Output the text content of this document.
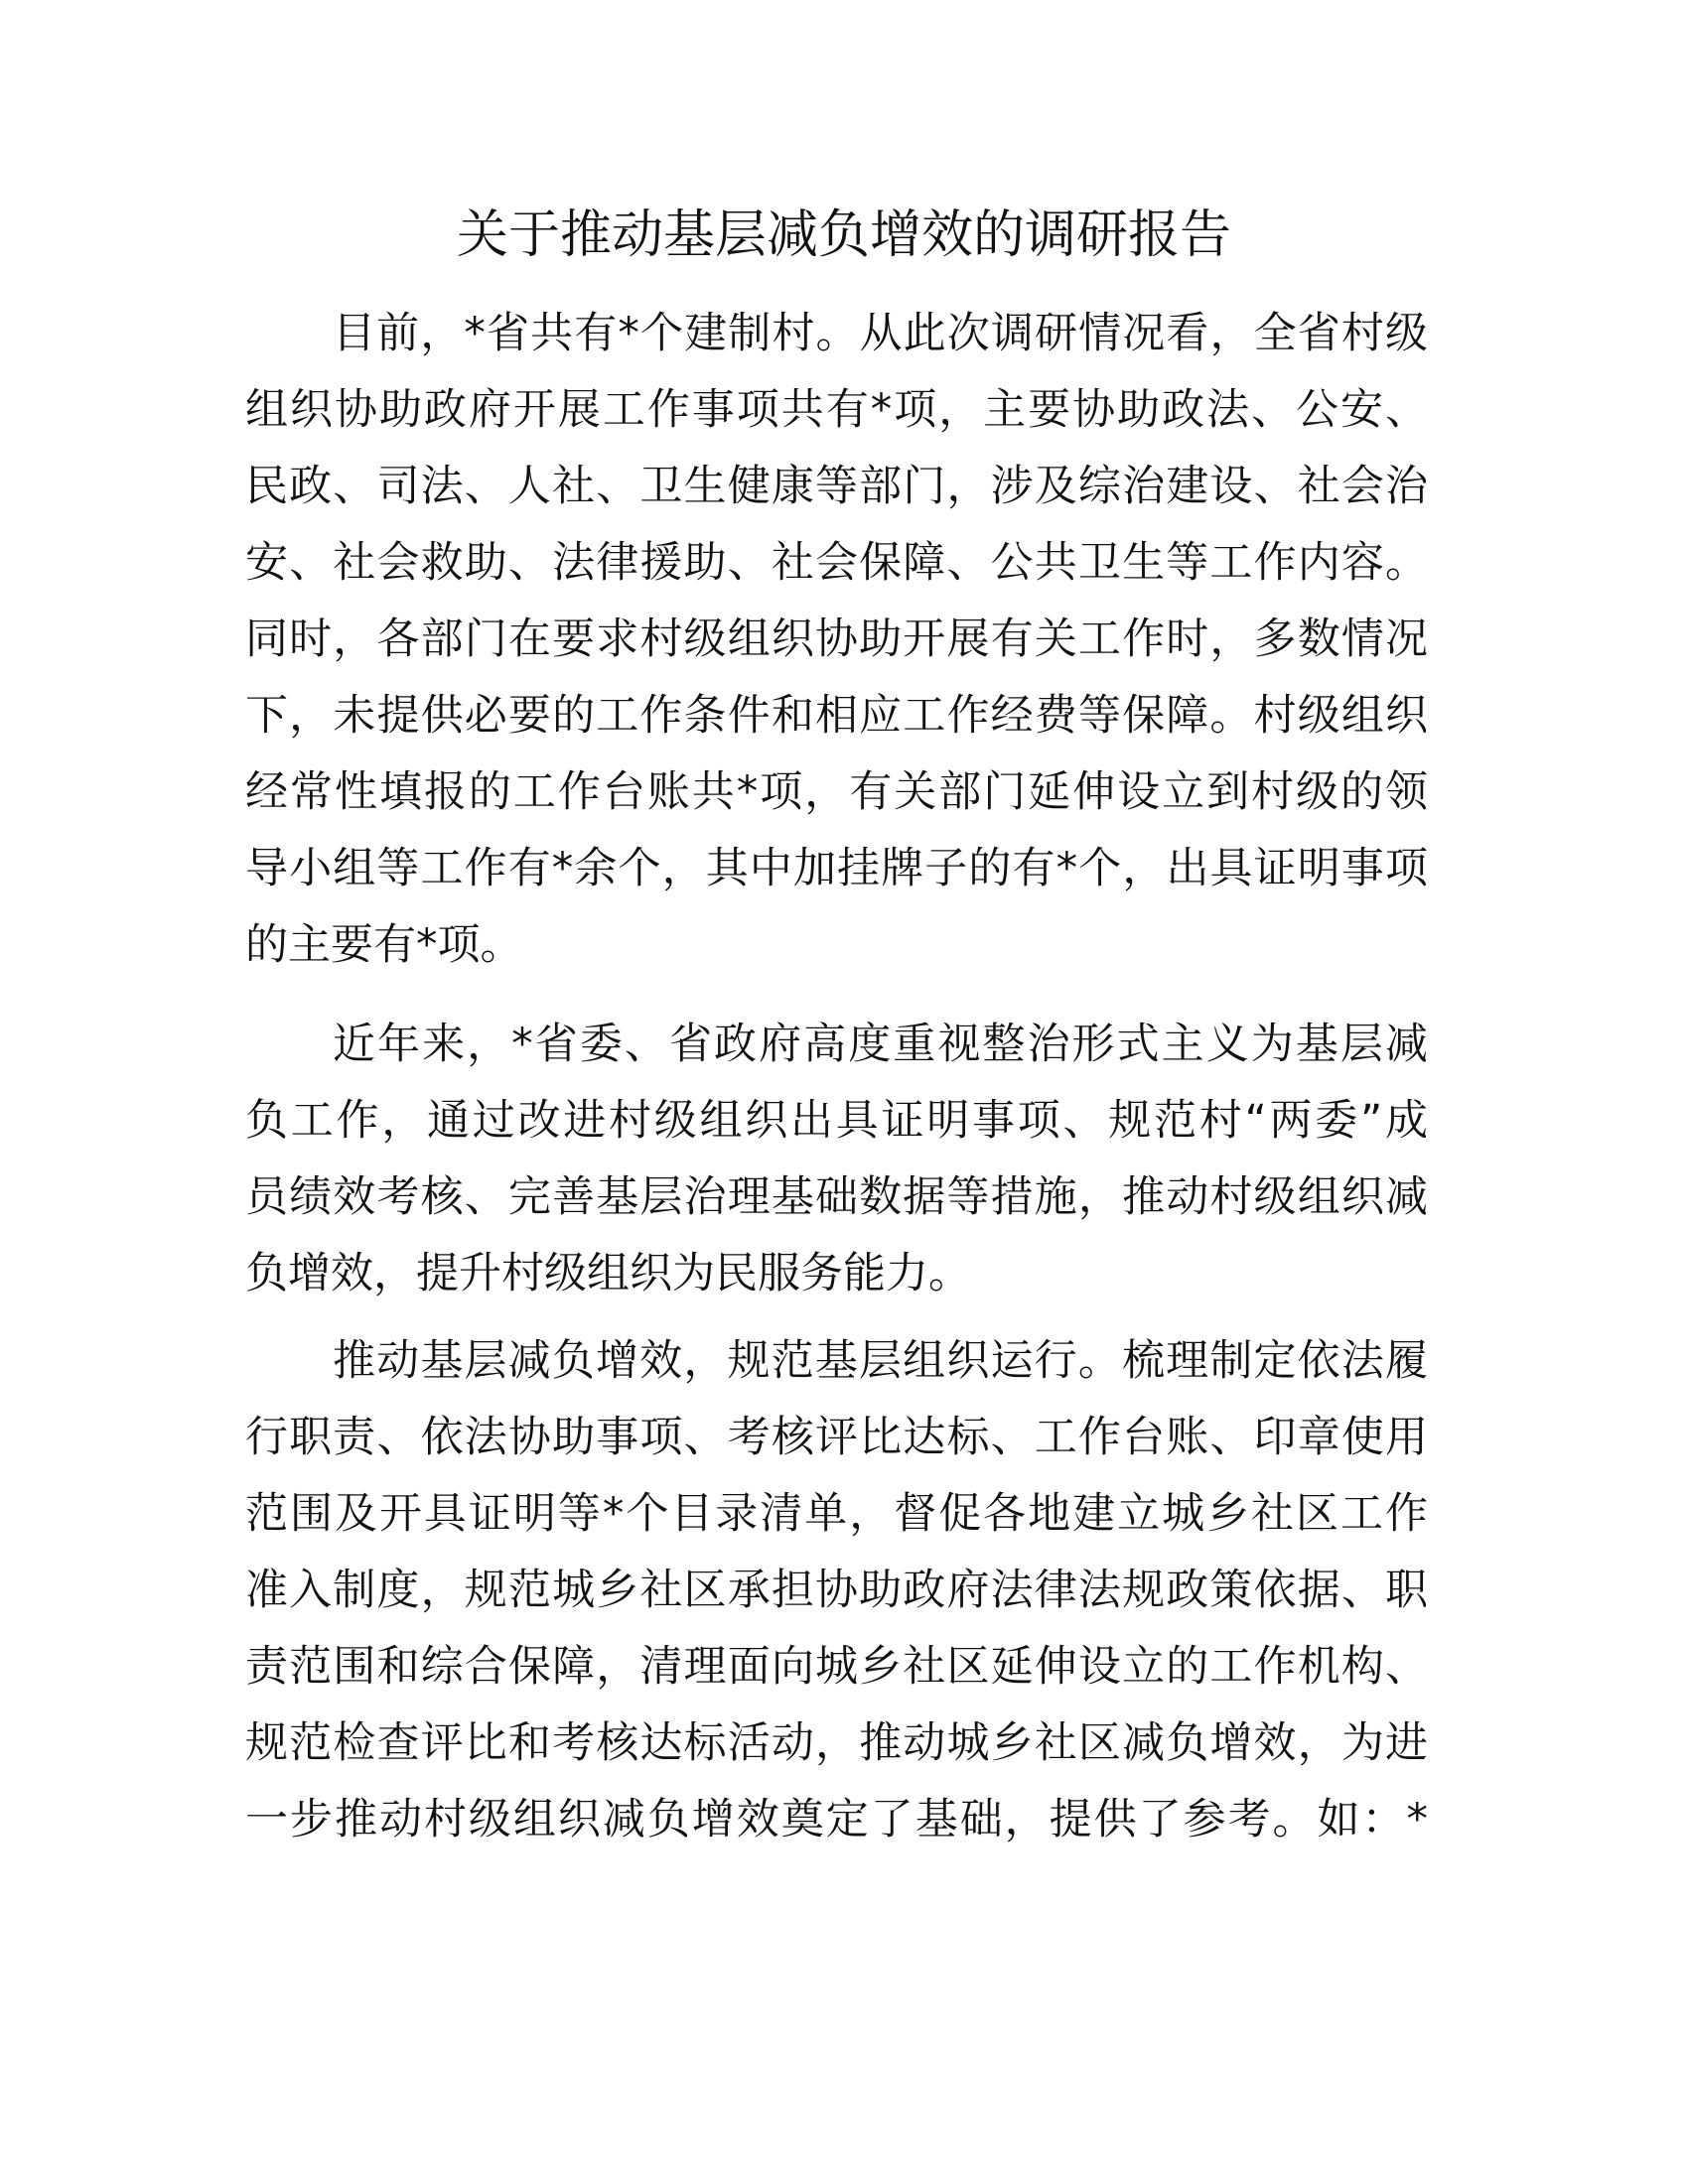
关于推动基层减负增效的调研报告
目前，*省共有*个建制村。从此次调研情况看，全省村级
组织协助政府开展工作事项共有*项，主要协助政法、公安、
民政、司法、人社、卫生健康等部门，涉及综治建设、社会治
安、社会救助、法律援助、社会保障、公共卫生等工作内容。
同时，各部门在要求村级组织协助开展有关工作时，多数情况
下，未提供必要的工作条件和相应工作经费等保障。村级组织
经常性填报的工作台账共*项，有关部门延伸设立到村级的领
导小组等工作有*余个，其中加挂牌子的有*个，出具证明事项
的主要有*项。
近年来，*省委、省政府高度重视整治形式主义为基层减
负工作，通过改进村级组织出具证明事项、规范村“两委”成
员绩效考核、完善基层治理基础数据等措施，推动村级组织减
负增效，提升村级组织为民服务能力。
推动基层减负增效，规范基层组织运行。梳理制定依法履
行职责、依法协助事项、考核评比达标、工作台账、印章使用
范围及开具证明等*个目录清单，督促各地建立城乡社区工作
准入制度，规范城乡社区承担协助政府法律法规政策依据、职
责范围和综合保障，清理面向城乡社区延伸设立的工作机构、
规范检查评比和考核达标活动，推动城乡社区减负增效，为进
一步推动村级组织减负增效奠定了基础，提供了参考。如：*
